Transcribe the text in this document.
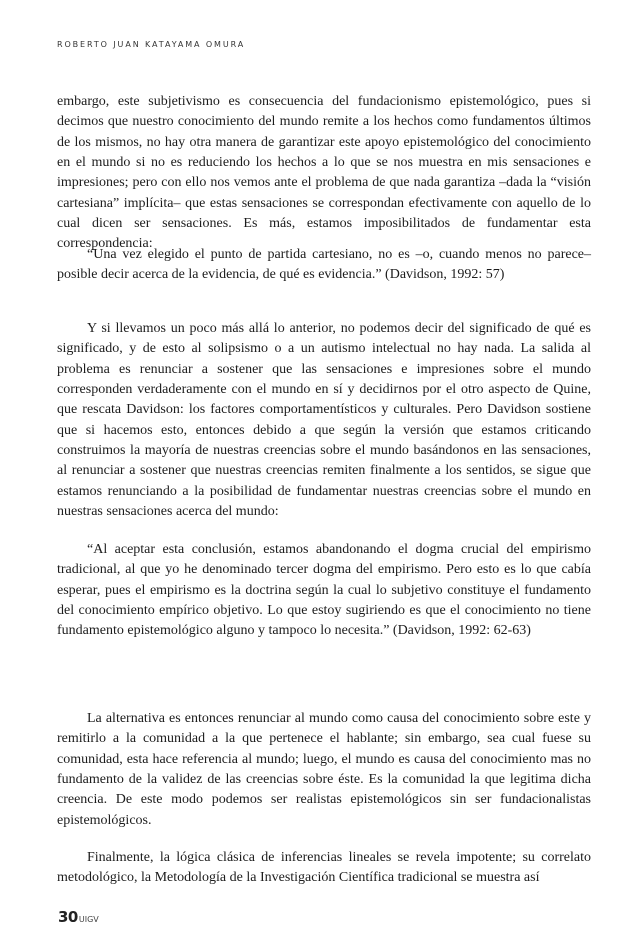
ROBERTO JUAN KATAYAMA OMURA

embargo, este subjetivismo es consecuencia del fundacionismo epistemológico, pues si decimos que nuestro conocimiento del mundo remite a los hechos como fundamentos últimos de los mismos, no hay otra manera de garantizar este apoyo epistemológico del conocimiento en el mundo si no es reduciendo los hechos a lo que se nos muestra en mis sensaciones e impresiones; pero con ello nos vemos ante el problema de que nada garantiza –dada la “visión cartesiana” implícita– que estas sensaciones se correspondan efectivamente con aquello de lo cual dicen ser sensaciones. Es más, estamos imposibilitados de fundamentar esta correspondencia:

“Una vez elegido el punto de partida cartesiano, no es –o, cuando menos no parece– posible decir acerca de la evidencia, de qué es evidencia.” (Davidson, 1992: 57)

Y si llevamos un poco más allá lo anterior, no podemos decir del significado de qué es significado, y de esto al solipsismo o a un autismo intelectual no hay nada. La salida al problema es renunciar a sostener que las sensaciones e impresiones sobre el mundo corresponden verdaderamente con el mundo en sí y decidirnos por el otro aspecto de Quine, que rescata Davidson: los factores comportamentísticos y culturales. Pero Davidson sostiene que si hacemos esto, entonces debido a que según la versión que estamos criticando construimos la mayoría de nuestras creencias sobre el mundo basándonos en las sensaciones, al renunciar a sostener que nuestras creencias remiten finalmente a los sentidos, se sigue que estamos renunciando a la posibilidad de fundamentar nuestras creencias sobre el mundo en nuestras sensaciones acerca del mundo:

“Al aceptar esta conclusión, estamos abandonando el dogma crucial del empirismo tradicional, al que yo he denominado tercer dogma del empirismo. Pero esto es lo que cabía esperar, pues el empirismo es la doctrina según la cual lo subjetivo constituye el fundamento del conocimiento empírico objetivo. Lo que estoy sugiriendo es que el conocimiento no tiene fundamento epistemológico alguno y tampoco lo necesita.” (Davidson, 1992: 62-63)

La alternativa es entonces renunciar al mundo como causa del conocimiento sobre este y remitirlo a la comunidad a la que pertenece el hablante; sin embargo, sea cual fuese su comunidad, esta hace referencia al mundo; luego, el mundo es causa del conocimiento mas no fundamento de la validez de las creencias sobre éste. Es la comunidad la que legitima dicha creencia. De este modo podemos ser realistas epistemológicos sin ser fundacionalistas epistemológicos.

Finalmente, la lógica clásica de inferencias lineales se revela impotente; su correlato metodológico, la Metodología de la Investigación Científica tradicional se muestra así

30UIGV
